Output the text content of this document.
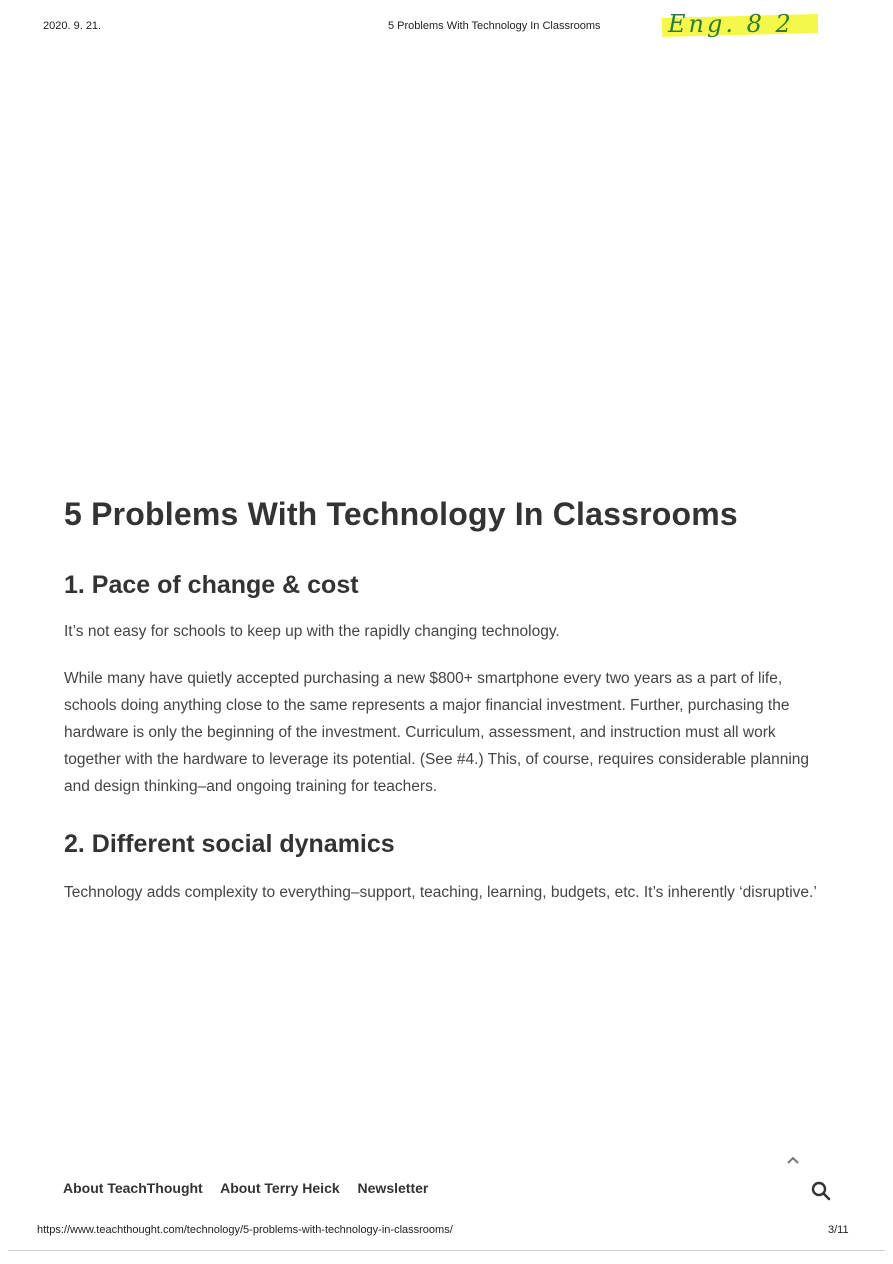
2020. 9. 21.	5 Problems With Technology In Classrooms	Eng. 8 2
5 Problems With Technology In Classrooms
1. Pace of change & cost

It’s not easy for schools to keep up with the rapidly changing technology.

While many have quietly accepted purchasing a new $800+ smartphone every two years as a part of life, schools doing anything close to the same represents a major financial investment. Further, purchasing the hardware is only the beginning of the investment. Curriculum, assessment, and instruction must all work together with the hardware to leverage its potential. (See #4.) This, of course, requires considerable planning and design thinking–and ongoing training for teachers.

2. Different social dynamics

Technology adds complexity to everything–support, teaching, learning, budgets, etc. It’s inherently ‘disruptive.’

About TeachThought About Terry Heick Newsletter
https://www.teachthought.com/technology/5-problems-with-technology-in-classrooms/	3/11
